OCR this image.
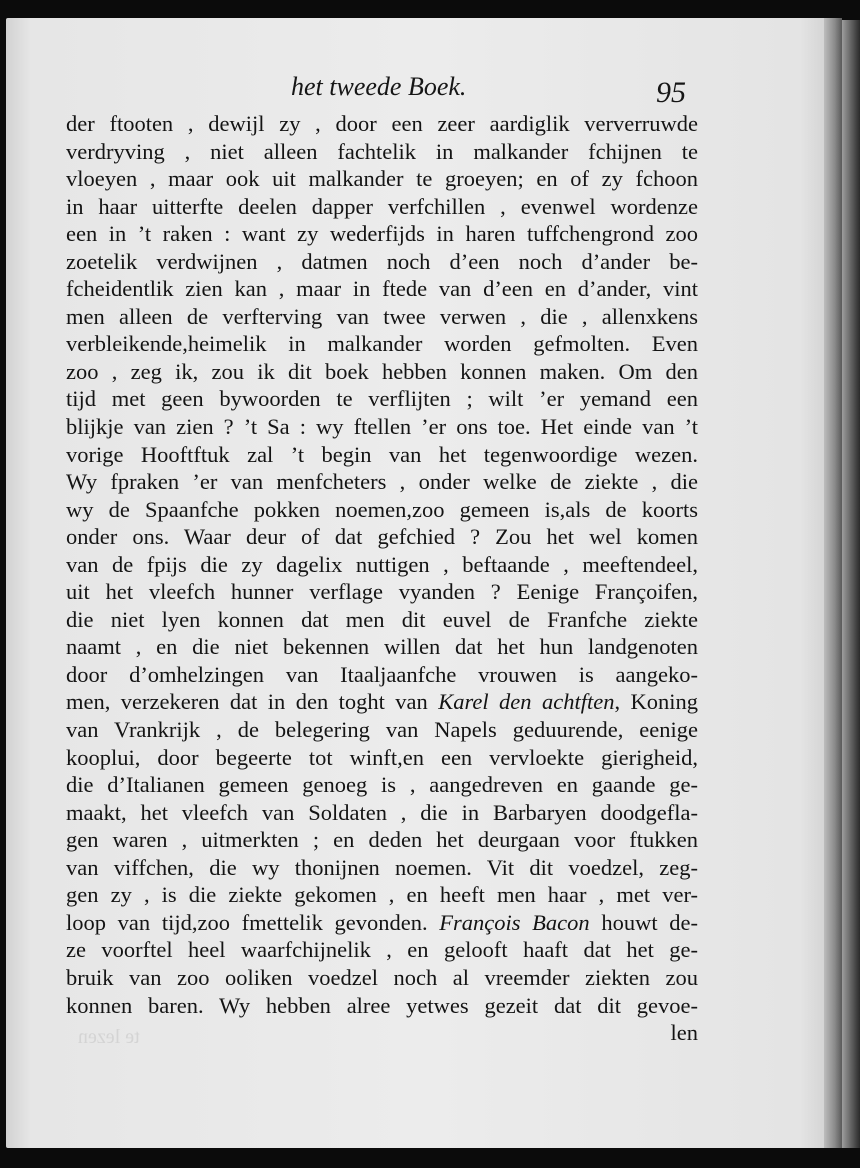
het tweede Boek.	95
der ftooten , dewijl zy , door een zeer aardiglik ververruwde
verdryving , niet alleen fachtelik in malkander fchijnen te
vloeyen , maar ook uit malkander te groeyen; en of zy fchoon
in haar uitterfte deelen dapper verfchillen , evenwel wordenze
een in ’t raken : want zy wederfijds in haren tuffchengrond zoo
zoetelik verdwijnen , datmen noch d’een noch d’ander be-
fcheidentlik zien kan , maar in ftede van d’een en d’ander, vint
men alleen de verfterving van twee verwen , die , allenxkens
verbleikende,heimelik in malkander worden gefmolten. Even
zoo , zeg ik, zou ik dit boek hebben konnen maken. Om den
tijd met geen bywoorden te verflijten ; wilt ’er yemand een
blijkje van zien ? ’t Sa : wy ftellen ’er ons toe. Het einde van ’t
vorige Hooftftuk zal ’t begin van het tegenwoordige wezen.
Wy fpraken ’er van menfcheters , onder welke de ziekte , die
wy de Spaanfche pokken noemen,zoo gemeen is,als de koorts
onder ons. Waar deur of dat gefchied ? Zou het wel komen
van de fpijs die zy dagelix nuttigen , beftaande , meeftendeel,
uit het vleefch hunner verflage vyanden ? Eenige Françoifen,
die niet lyen konnen dat men dit euvel de Franfche ziekte
naamt , en die niet bekennen willen dat het hun landgenoten
door d’omhelzingen van Itaaljaanfche vrouwen is aangeko-
men, verzekeren dat in den toght van Karel den achtften, Koning
van Vrankrijk , de belegering van Napels geduurende, eenige
kooplui, door begeerte tot winft,en een vervloekte gierigheid,
die d’Italianen gemeen genoeg is , aangedreven en gaande ge-
maakt, het vleefch van Soldaten , die in Barbaryen doodgefla-
gen waren , uitmerkten ; en deden het deurgaan voor ftukken
van viffchen, die wy thonijnen noemen. Vit dit voedzel, zeg-
gen zy , is die ziekte gekomen , en heeft men haar , met ver-
loop van tijd,zoo fmettelik gevonden. François Bacon houwt de-
ze voorftel heel waarfchijnelik , en gelooft haaft dat het ge-
bruik van zoo ooliken voedzel noch al vreemder ziekten zou
konnen baren. Wy hebben alree yetwes gezeit dat dit gevoe-
len
te lezen
